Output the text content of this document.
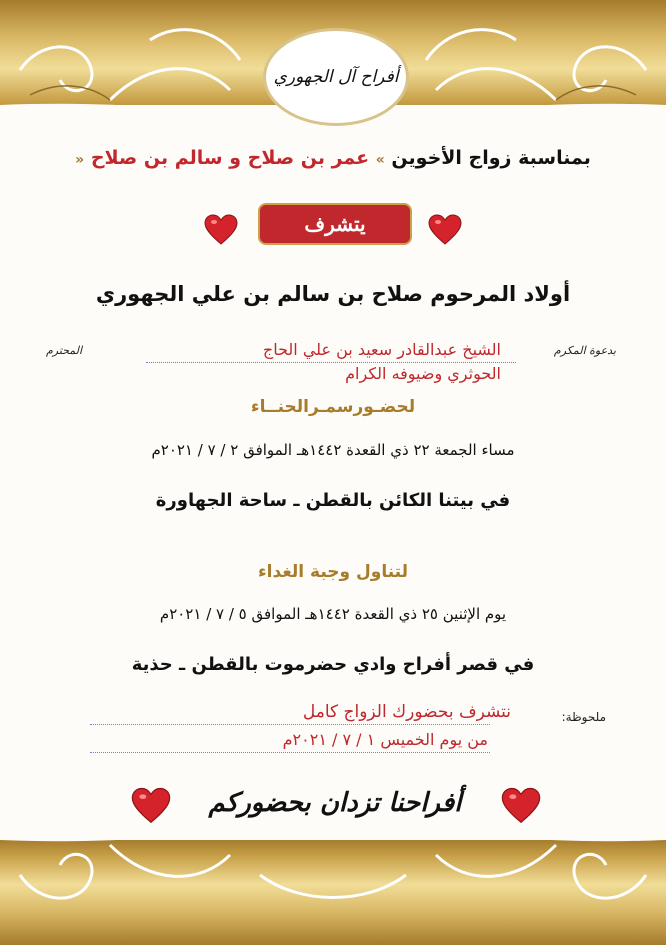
أفراح آل الجهوري
بمناسبة زواج الأخوين » عمر بن صلاح و سالم بن صلاح «
يتشرف
أولاد المرحوم صلاح بن سالم بن علي الجهوري
بدعوة المكرم
الشيخ عبدالقادر سعيد بن علي الحاج
الحوثري وضيوفه الكرام
المحترم
لحضـورسمـرالحنــاء
مساء الجمعة ٢٢ ذي القعدة ١٤٤٢هـ الموافق ٢ / ٧ / ٢٠٢١م
في بيتنا الكائن بالقطن ـ ساحة الجهاورة
لتناول وجبة الغداء
يوم الإثنين ٢٥ ذي القعدة ١٤٤٢هـ الموافق ٥ / ٧ / ٢٠٢١م
في قصر أفراح وادي حضرموت بالقطن ـ حذية
ملحوظة:
نتشرف بحضورك الزواج كامل
من يوم الخميس ١ / ٧ / ٢٠٢١م
أفراحنا تزدان بحضوركم
